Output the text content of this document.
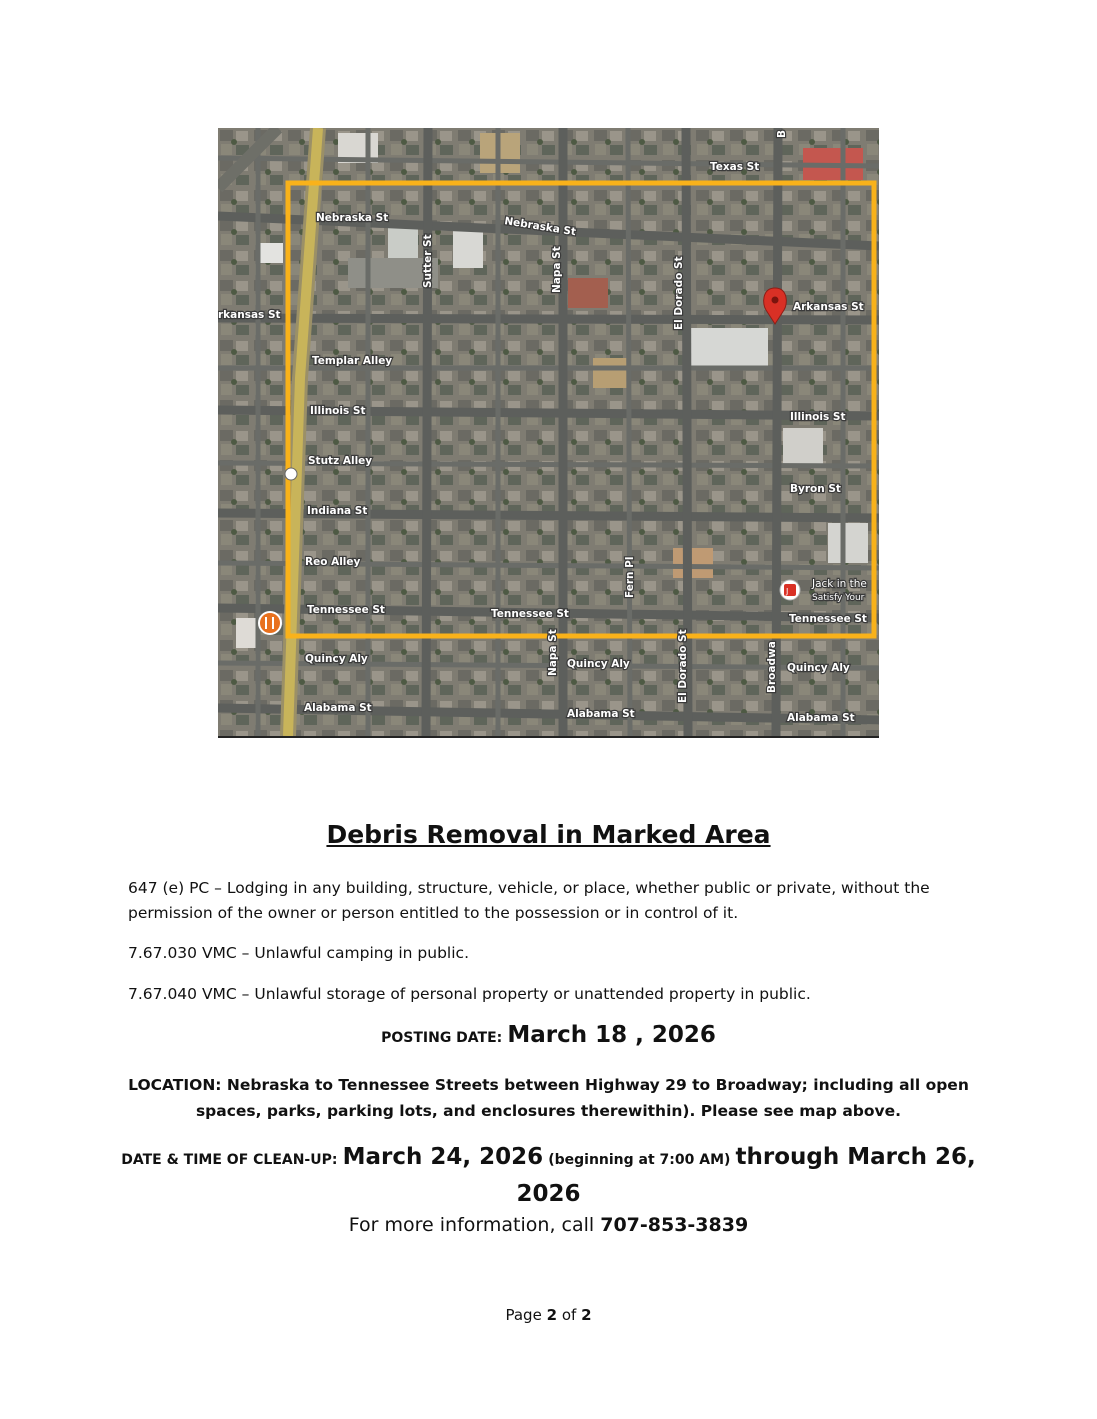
Texas St
Nebraska St	Nebraska St
rkansas St
Arkansas St
Templar Alley
Illinois St	Illinois St
Stutz Alley
Byron St
Indiana St
Reo Alley
Tennessee St	Tennessee St	Tennessee St
Quincy Aly	Quincy Aly	Quincy Aly
Alabama St	Alabama St	Alabama St
Sutter St	Napa St
Napa St
El Dorado St
El Dorado St
Fern Pl
Broadwa
B
J
Jack in the
Satisfy Your
Debris Removal in Marked Area

647 (e) PC – Lodging in any building, structure, vehicle, or place, whether public or private, without the permission of the owner or person entitled to the possession or in control of it.

7.67.030 VMC – Unlawful camping in public.

7.67.040 VMC – Unlawful storage of personal property or unattended property in public.

POSTING DATE: March 18 , 2026

LOCATION: Nebraska to Tennessee Streets between Highway 29 to Broadway; including all open spaces, parks, parking lots, and enclosures therewithin). Please see map above.

DATE & TIME OF CLEAN-UP: March 24, 2026 (beginning at 7:00 AM) through March 26, 2026

For more information, call 707-853-3839

Page 2 of 2
